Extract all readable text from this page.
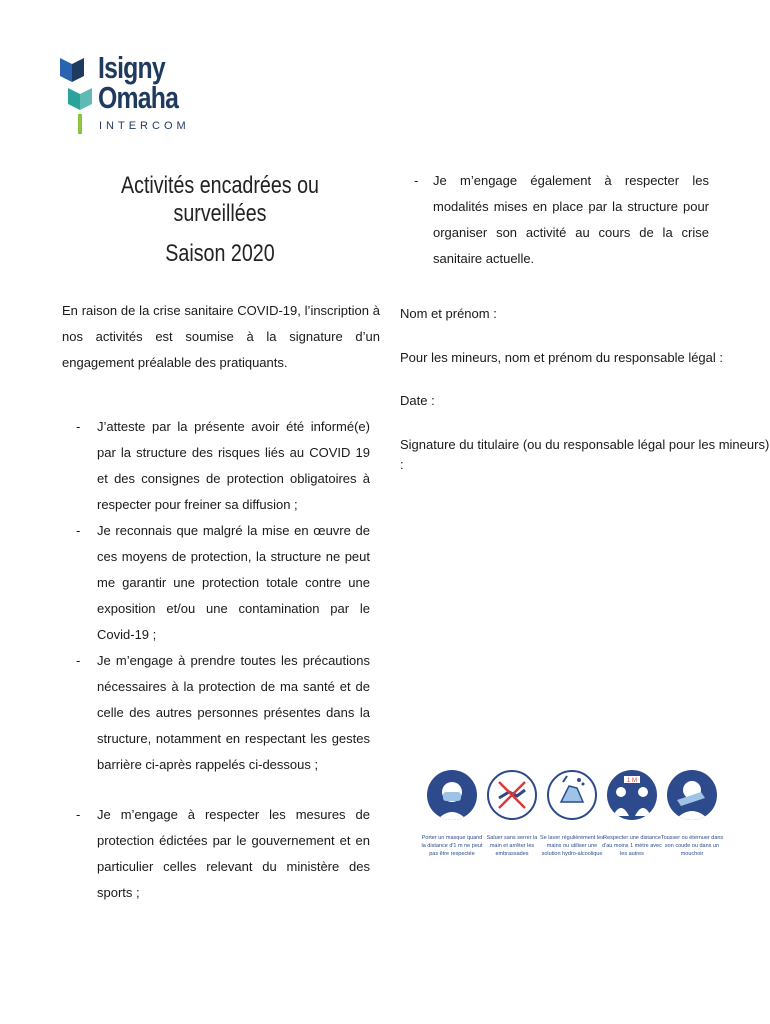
Isigny
Omaha
INTERCOM
Activités encadrées ou surveillées
Saison 2020
En raison de la crise sanitaire COVID-19, l’inscription à nos activités est soumise à la signature d’un engagement préalable des pratiquants.
- J’atteste par la présente avoir été informé(e) par la structure des risques liés au COVID 19 et des consignes de protection obligatoires à respecter pour freiner sa diffusion ;
- Je reconnais que malgré la mise en œuvre de ces moyens de protection, la structure ne peut me garantir une protection totale contre une exposition et/ou une contamination par le Covid-19 ;
- Je m’engage à prendre toutes les précautions nécessaires à la protection de ma santé et de celle des autres personnes présentes dans la structure, notamment en respectant les gestes barrière ci-après rappelés ci-dessous ;
- Je m’engage à respecter les mesures de protection édictées par le gouvernement et en particulier celles relevant du ministère des sports ;
- Je m’engage également à respecter les modalités mises en place par la structure pour organiser son activité au cours de la crise sanitaire actuelle.
Nom et prénom :
Pour les mineurs, nom et prénom du responsable légal :
Date :
Signature du titulaire (ou du responsable légal pour les mineurs) :
Porter un masque quand la distance d'1 m ne peut pas être respectée
Saluer sans serrer la main et arrêter les embrassades
Se laver régulièrement les mains ou utiliser une solution hydro-alcoolique
1 M
Respecter une distance d'au moins 1 mètre avec les autres
Tousser ou éternuer dans son coude ou dans un mouchoir
